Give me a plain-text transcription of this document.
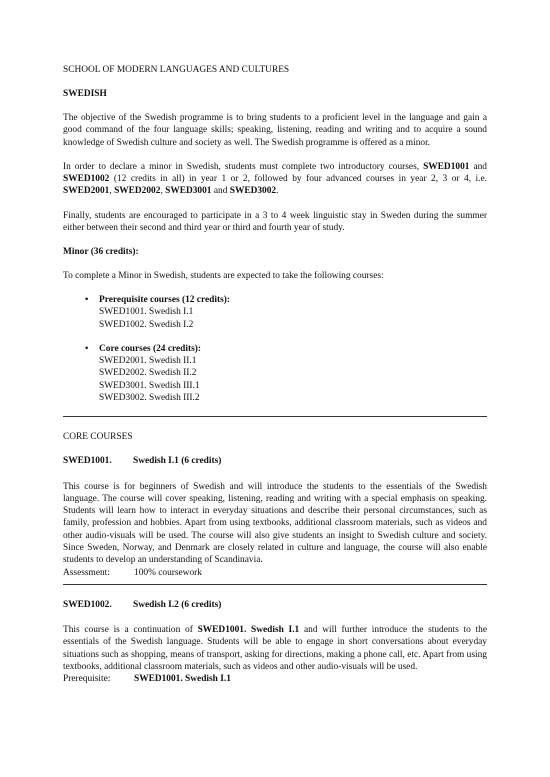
SCHOOL OF MODERN LANGUAGES AND CULTURES

SWEDISH

The objective of the Swedish programme is to bring students to a proficient level in the language and gain a good command of the four language skills; speaking, listening, reading and writing and to acquire a sound knowledge of Swedish culture and society as well. The Swedish programme is offered as a minor.

In order to declare a minor in Swedish, students must complete two introductory courses, SWED1001 and SWED1002 (12 credits in all) in year 1 or 2, followed by four advanced courses in year 2, 3 or 4, i.e. SWED2001, SWED2002, SWED3001 and SWED3002.

Finally, students are encouraged to participate in a 3 to 4 week linguistic stay in Sweden during the summer either between their second and third year or third and fourth year of study.

Minor (36 credits):

To complete a Minor in Swedish, students are expected to take the following courses:

• Prerequisite courses (12 credits):
SWED1001. Swedish I.1
SWED1002. Swedish I.2
• Core courses (24 credits):
SWED2001. Swedish II.1
SWED2002. Swedish II.2
SWED3001. Swedish III.1
SWED3002. Swedish III.2

CORE COURSES

SWED1001. Swedish I.1 (6 credits)
This course is for beginners of Swedish and will introduce the students to the essentials of the Swedish language. The course will cover speaking, listening, reading and writing with a special emphasis on speaking. Students will learn how to interact in everyday situations and describe their personal circumstances, such as family, profession and hobbies. Apart from using textbooks, additional classroom materials, such as videos and other audio-visuals will be used. The course will also give students an insight to Swedish culture and society. Since Sweden, Norway, and Denmark are closely related in culture and language, the course will also enable students to develop an understanding of Scandinavia.
Assessment:	100% coursework
SWED1002. Swedish I.2 (6 credits)
This course is a continuation of SWED1001. Swedish I.1 and will further introduce the students to the essentials of the Swedish language. Students will be able to engage in short conversations about everyday situations such as shopping, means of transport, asking for directions, making a phone call, etc. Apart from using textbooks, additional classroom materials, such as videos and other audio-visuals will be used.
Prerequisite:	SWED1001. Swedish I.1
